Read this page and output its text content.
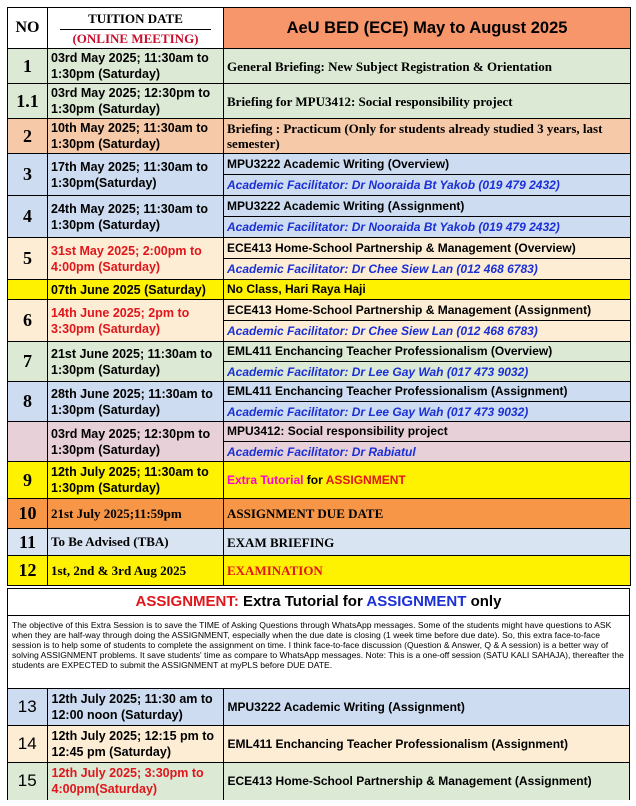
NO	TUITION DATE
(ONLINE MEETING)	AeU BED (ECE) May to August 2025
1	03rd May 2025; 11:30am to 1:30pm (Saturday)	General Briefing: New Subject Registration & Orientation
1.1	03rd May 2025; 12:30pm to 1:30pm (Saturday)	Briefing for MPU3412: Social responsibility project
2	10th May 2025; 11:30am to 1:30pm (Saturday)	Briefing : Practicum (Only for students already studied 3 years, last semester)
3	17th May 2025; 11:30am to 1:30pm(Saturday)	MPU3222 Academic Writing (Overview)
		Academic Facilitator: Dr Nooraida Bt Yakob (019 479 2432)
4	24th May 2025; 11:30am to 1:30pm (Saturday)	MPU3222 Academic Writing (Assignment)
		Academic Facilitator: Dr Nooraida Bt Yakob (019 479 2432)
5	31st May 2025; 2:00pm to 4:00pm (Saturday)	ECE413 Home-School Partnership & Management (Overview)
		Academic Facilitator: Dr Chee Siew Lan (012 468 6783)
	07th June 2025 (Saturday)	No Class, Hari Raya Haji
6	14th June 2025; 2pm to 3:30pm (Saturday)	ECE413 Home-School Partnership & Management (Assignment)
		Academic Facilitator: Dr Chee Siew Lan (012 468 6783)
7	21st June 2025; 11:30am to 1:30pm (Saturday)	EML411 Enchancing Teacher Professionalism (Overview)
		Academic Facilitator: Dr Lee Gay Wah (017 473 9032)
8	28th June 2025; 11:30am to 1:30pm (Saturday)	EML411 Enchancing Teacher Professionalism (Assignment)
		Academic Facilitator: Dr Lee Gay Wah (017 473 9032)
	03rd May 2025; 12:30pm to 1:30pm (Saturday)	MPU3412: Social responsibility project
		Academic Facilitator: Dr Rabiatul
9	12th July 2025; 11:30am to 1:30pm (Saturday)	Extra Tutorial for ASSIGNMENT
10	21st July 2025;11:59pm	ASSIGNMENT DUE DATE
11	To Be Advised (TBA)	EXAM BRIEFING
12	1st, 2nd & 3rd Aug 2025	EXAMINATION
ASSIGNMENT: Extra Tutorial for ASSIGNMENT only
The objective of this Extra Session is to save the TIME of Asking Questions through WhatsApp messages. Some of the students might have questions to ASK when they are half-way through doing the ASSIGNMENT, especially when the due date is closing (1 week time before due date). So, this extra face-to-face session is to help some of students to complete the assignment on time. I think face-to-face discussion (Question & Answer, Q & A session) is a better way of solving ASSIGNMENT problems. It save students' time as compare to WhatsApp messages. Note: This is a one-off session (SATU KALI SAHAJA), thereafter the students are EXPECTED to submit the ASSIGNMENT at myPLS before DUE DATE.
13	12th July 2025; 11:30 am to 12:00 noon (Saturday)	MPU3222 Academic Writing (Assignment)
14	12th July 2025; 12:15 pm to 12:45 pm (Saturday)	EML411 Enchancing Teacher Professionalism (Assignment)
15	12th July 2025; 3:30pm to 4:00pm(Saturday)	ECE413 Home-School Partnership & Management (Assignment)
